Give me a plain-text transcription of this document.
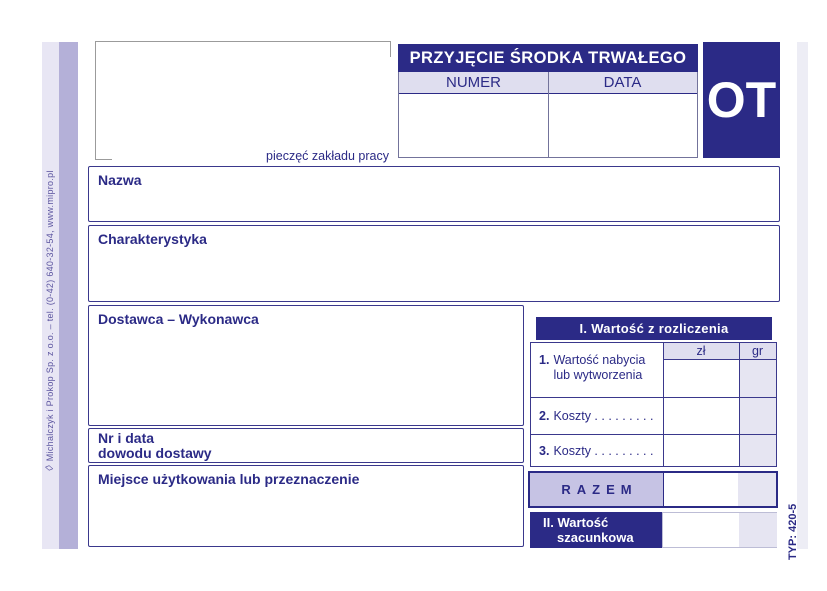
◊Michalczyk i Prokop Sp. z o.o. – tel. (0-42) 640-32-54, www.mipro.pl
pieczęć zakładu pracy
PRZYJĘCIE ŚRODKA TRWAŁEGO
NUMER	DATA	OT
Nazwa
Charakterystyka
Dostawca – Wykonawca
Nr i data
dowodu dostawy
Miejsce użytkowania lub przeznaczenie
I. Wartość z rozliczenia
zł	gr
1. Wartość nabycia lub wytworzenia
2. Koszty . . . . . . . . .
3. Koszty . . . . . . . . .
RAZEM
II. Wartość
szacunkowa	TYP: 420-5
